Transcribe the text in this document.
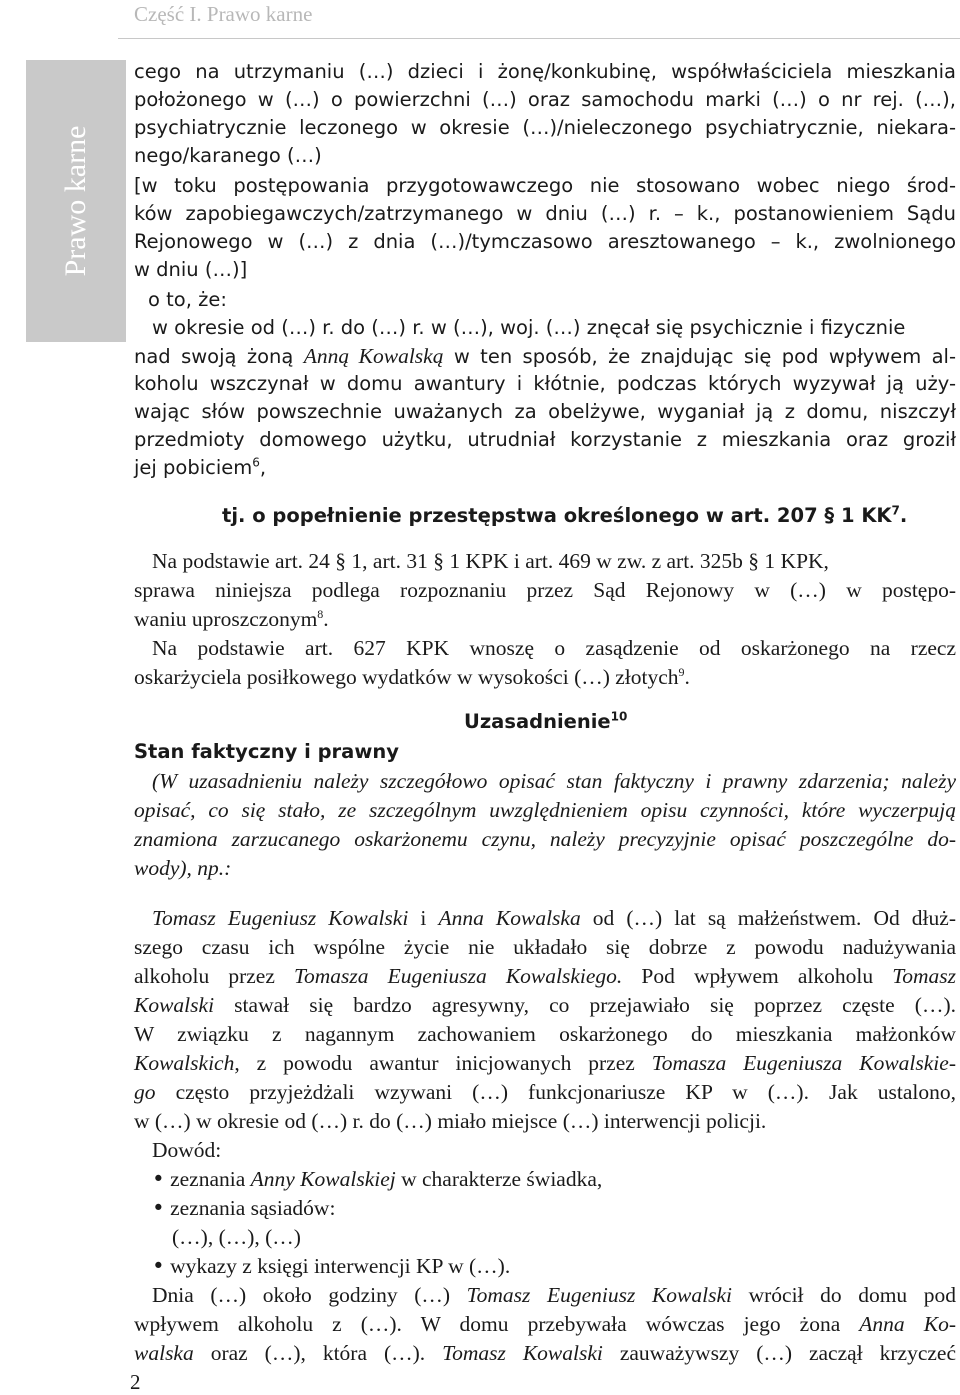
Część I. Prawo karne
Prawo karne
cego na utrzymaniu (…) dzieci i żonę/konkubinę, współwłaściciela mieszkania
położonego w (…) o powierzchni (…) oraz samochodu marki (…) o nr rej. (…),
psychiatrycznie leczonego w okresie (…)/nieleczonego psychiatrycznie, niekara-
nego/karanego (…)
[w toku postępowania przygotowawczego nie stosowano wobec niego środ-
ków zapobiegawczych/zatrzymanego w dniu (…) r. – k., postanowieniem Sądu
Rejonowego w (…) z dnia (…)/tymczasowo aresztowanego – k., zwolnionego
w dniu (…)]
o to, że:
w okresie od (…) r. do (…) r. w (…), woj. (…) znęcał się psychicznie i fizycznie
nad swoją żoną Anną Kowalską w ten sposób, że znajdując się pod wpływem al-
koholu wszczynał w domu awantury i kłótnie, podczas których wyzywał ją uży-
wając słów powszechnie uważanych za obelżywe, wyganiał ją z domu, niszczył
przedmioty domowego użytku, utrudniał korzystanie z mieszkania oraz groził
jej pobiciem$^6$,
tj. o popełnienie przestępstwa określonego w art. 207 § 1 $KK^7$.
Na podstawie art. 24 § 1, art. 31 § 1 KPK i art. 469 w zw. z art. 325b § 1 KPK,
sprawa niniejsza podlega rozpoznaniu przez Sąd Rejonowy w (…) w postępo-
waniu uproszczonym$^8$.
Na podstawie art. 627 KPK wnoszę o zasądzenie od oskarżonego na rzecz
oskarżyciela posiłkowego wydatków w wysokości (…) złotych$^9$.
Uzasadnienie$^{10}$
Stan faktyczny i prawny
(W uzasadnieniu należy szczegółowo opisać stan faktyczny i prawny zdarzenia; należy
opisać, co się stało, ze szczególnym uwzględnieniem opisu czynności, które wyczerpują
znamiona zarzucanego oskarżonemu czynu, należy precyzyjnie opisać poszczególne do-
wody), np.:
Tomasz Eugeniusz Kowalski i Anna Kowalska od (…) lat są małżeństwem. Od dłuż-
szego czasu ich wspólne życie nie układało się dobrze z powodu nadużywania
alkoholu przez Tomasza Eugeniusza Kowalskiego. Pod wpływem alkoholu Tomasz
Kowalski stawał się bardzo agresywny, co przejawiało się poprzez częste (…).
W związku z nagannym zachowaniem oskarżonego do mieszkania małżonków
Kowalskich, z powodu awantur inicjowanych przez Tomasza Eugeniusza Kowalskie-
go często przyjeżdżali wzywani (…) funkcjonariusze KP w (…). Jak ustalono,
w (…) w okresie od (…) r. do (…) miało miejsce (…) interwencji policji.
Dowód:
• zeznania Anny Kowalskiej w charakterze świadka,
• zeznania sąsiadów:
(…), (…), (…)
• wykazy z księgi interwencji KP w (…).
Dnia (…) około godziny (…) Tomasz Eugeniusz Kowalski wrócił do domu pod
wpływem alkoholu z (…). W domu przebywała wówczas jego żona Anna Ko-
walska oraz (…), która (…). Tomasz Kowalski zauważywszy (…) zaczął krzyczeć
2
